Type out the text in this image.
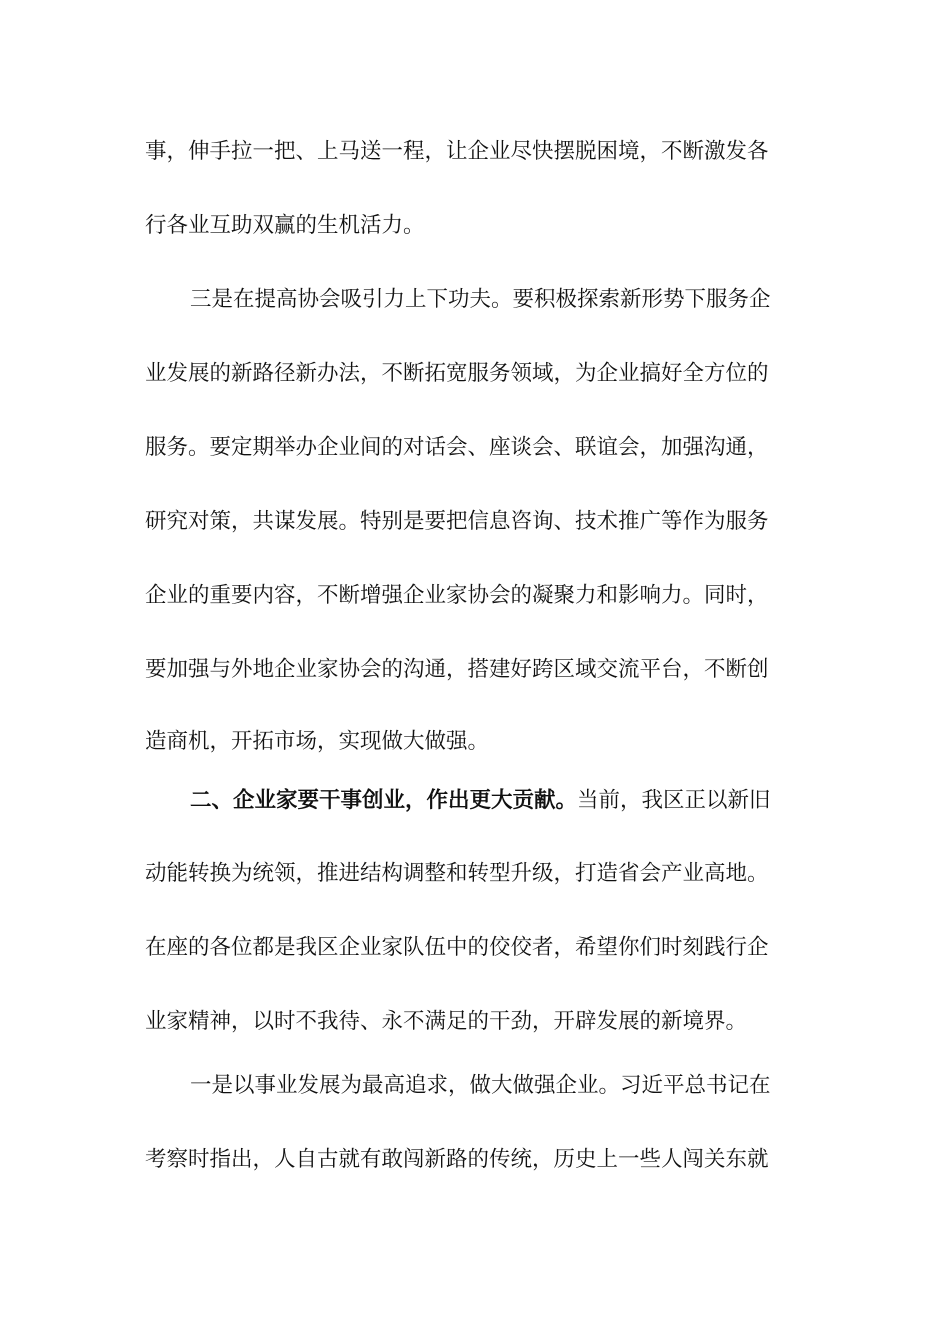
事，伸手拉一把、上马送一程，让企业尽快摆脱困境，不断激发各
行各业互助双赢的生机活力。
三是在提高协会吸引力上下功夫。要积极探索新形势下服务企
业发展的新路径新办法，不断拓宽服务领域，为企业搞好全方位的
服务。要定期举办企业间的对话会、座谈会、联谊会，加强沟通，
研究对策，共谋发展。特别是要把信息咨询、技术推广等作为服务
企业的重要内容，不断增强企业家协会的凝聚力和影响力。同时，
要加强与外地企业家协会的沟通，搭建好跨区域交流平台，不断创
造商机，开拓市场，实现做大做强。
二、企业家要干事创业，作出更大贡献。当前，我区正以新旧
动能转换为统领，推进结构调整和转型升级，打造省会产业高地。
在座的各位都是我区企业家队伍中的佼佼者，希望你们时刻践行企
业家精神，以时不我待、永不满足的干劲，开辟发展的新境界。
一是以事业发展为最高追求，做大做强企业。习近平总书记在
考察时指出，人自古就有敢闯新路的传统，历史上一些人闯关东就
